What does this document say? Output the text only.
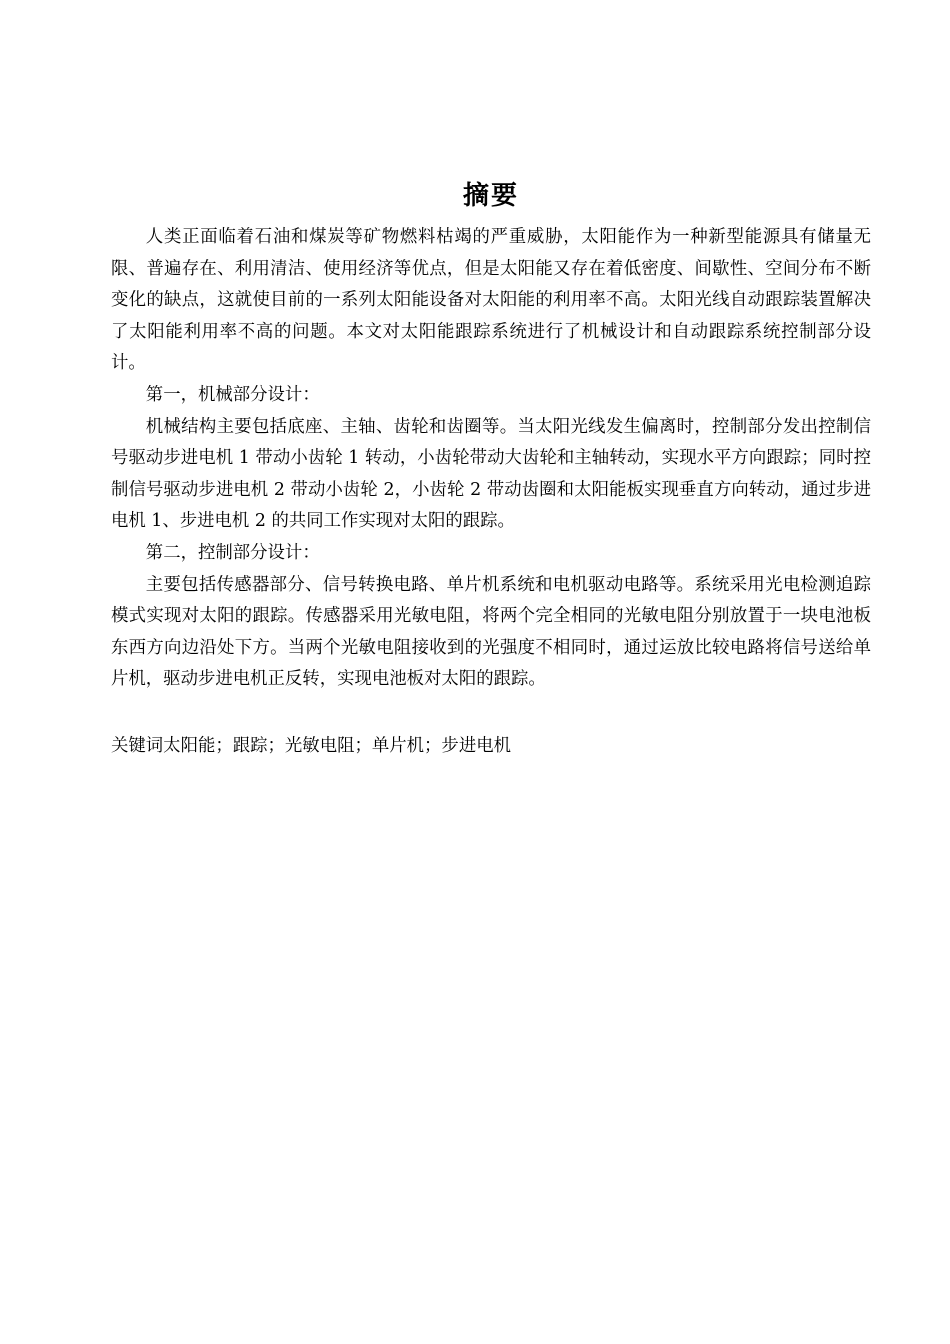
摘要

人类正面临着石油和煤炭等矿物燃料枯竭的严重威胁，太阳能作为一种新型能源具有储量无限、普遍存在、利用清洁、使用经济等优点，但是太阳能又存在着低密度、间歇性、空间分布不断变化的缺点，这就使目前的一系列太阳能设备对太阳能的利用率不高。太阳光线自动跟踪装置解决了太阳能利用率不高的问题。本文对太阳能跟踪系统进行了机械设计和自动跟踪系统控制部分设计。

第一，机械部分设计：

机械结构主要包括底座、主轴、齿轮和齿圈等。当太阳光线发生偏离时，控制部分发出控制信号驱动步进电机 1 带动小齿轮 1 转动，小齿轮带动大齿轮和主轴转动，实现水平方向跟踪；同时控制信号驱动步进电机 2 带动小齿轮 2，小齿轮 2 带动齿圈和太阳能板实现垂直方向转动，通过步进电机 1、步进电机 2 的共同工作实现对太阳的跟踪。

第二，控制部分设计：

主要包括传感器部分、信号转换电路、单片机系统和电机驱动电路等。系统采用光电检测追踪模式实现对太阳的跟踪。传感器采用光敏电阻，将两个完全相同的光敏电阻分别放置于一块电池板东西方向边沿处下方。当两个光敏电阻接收到的光强度不相同时，通过运放比较电路将信号送给单片机，驱动步进电机正反转，实现电池板对太阳的跟踪。

关键词太阳能；跟踪；光敏电阻；单片机；步进电机
